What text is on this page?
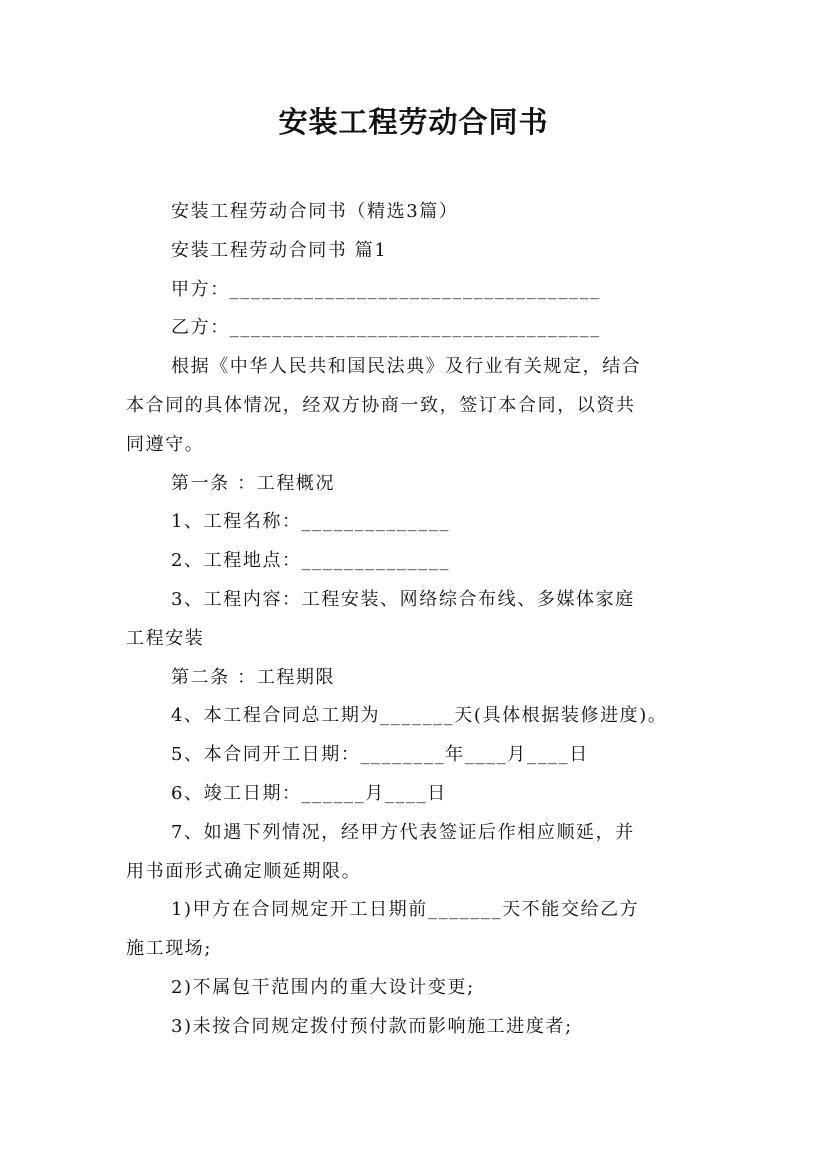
安装工程劳动合同书
安装工程劳动合同书（精选3篇）
安装工程劳动合同书 篇1
甲方：___________________________________
乙方：___________________________________
根据《中华人民共和国民法典》及行业有关规定，结合
本合同的具体情况，经双方协商一致，签订本合同，以资共
同遵守。
第一条 ：工程概况
1、工程名称：______________
2、工程地点：______________
3、工程内容：工程安装、网络综合布线、多媒体家庭
工程安装
第二条 ：工程期限
4、本工程合同总工期为_______天(具体根据装修进度)。
5、本合同开工日期：________年____月____日
6、竣工日期：______月____日
7、如遇下列情况，经甲方代表签证后作相应顺延，并
用书面形式确定顺延期限。
1)甲方在合同规定开工日期前_______天不能交给乙方
施工现场;
2)不属包干范围内的重大设计变更;
3)未按合同规定拨付预付款而影响施工进度者;
